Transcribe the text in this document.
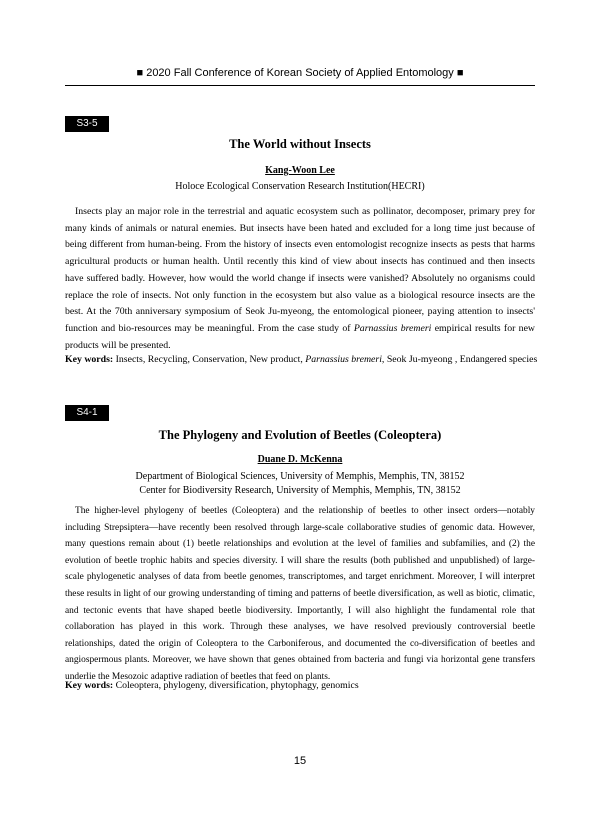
■ 2020 Fall Conference of Korean Society of Applied Entomology ■
S3-5
The World without Insects
Kang-Woon Lee
Holoce Ecological Conservation Research Institution(HECRI)

Insects play an major role in the terrestrial and aquatic ecosystem such as pollinator, decomposer, primary prey for many kinds of animals or natural enemies. But insects have been hated and excluded for a long time just because of being different from human-being. From the history of insects even entomologist recognize insects as pests that harms agricultural products or human health. Until recently this kind of view about insects has continued and then insects have suffered badly. However, how would the world change if insects were vanished? Absolutely no organisms could replace the role of insects. Not only function in the ecosystem but also value as a biological resource insects are the best. At the 70th anniversary symposium of Seok Ju-myeong, the entomological pioneer, paying attention to insects' function and bio-resources may be meaningful. From the case study of Parnassius bremeri empirical results for new products will be presented.

Key words: Insects, Recycling, Conservation, New product, Parnassius bremeri, Seok Ju-myeong , Endangered species
S4-1
The Phylogeny and Evolution of Beetles (Coleoptera)
Duane D. McKenna
Department of Biological Sciences, University of Memphis, Memphis, TN, 38152
Center for Biodiversity Research, University of Memphis, Memphis, TN, 38152

The higher-level phylogeny of beetles (Coleoptera) and the relationship of beetles to other insect orders—notably including Strepsiptera—have recently been resolved through large-scale collaborative studies of genomic data. However, many questions remain about (1) beetle relationships and evolution at the level of families and subfamilies, and (2) the evolution of beetle trophic habits and species diversity. I will share the results (both published and unpublished) of large-scale phylogenetic analyses of data from beetle genomes, transcriptomes, and target enrichment. Moreover, I will interpret these results in light of our growing understanding of timing and patterns of beetle diversification, as well as biotic, climatic, and tectonic events that have shaped beetle biodiversity. Importantly, I will also highlight the fundamental role that collaboration has played in this work. Through these analyses, we have resolved previously controversial beetle relationships, dated the origin of Coleoptera to the Carboniferous, and documented the co-diversification of beetles and angiospermous plants. Moreover, we have shown that genes obtained from bacteria and fungi via horizontal gene transfers underlie the Mesozoic adaptive radiation of beetles that feed on plants.

Key words: Coleoptera, phylogeny, diversification, phytophagy, genomics
15
